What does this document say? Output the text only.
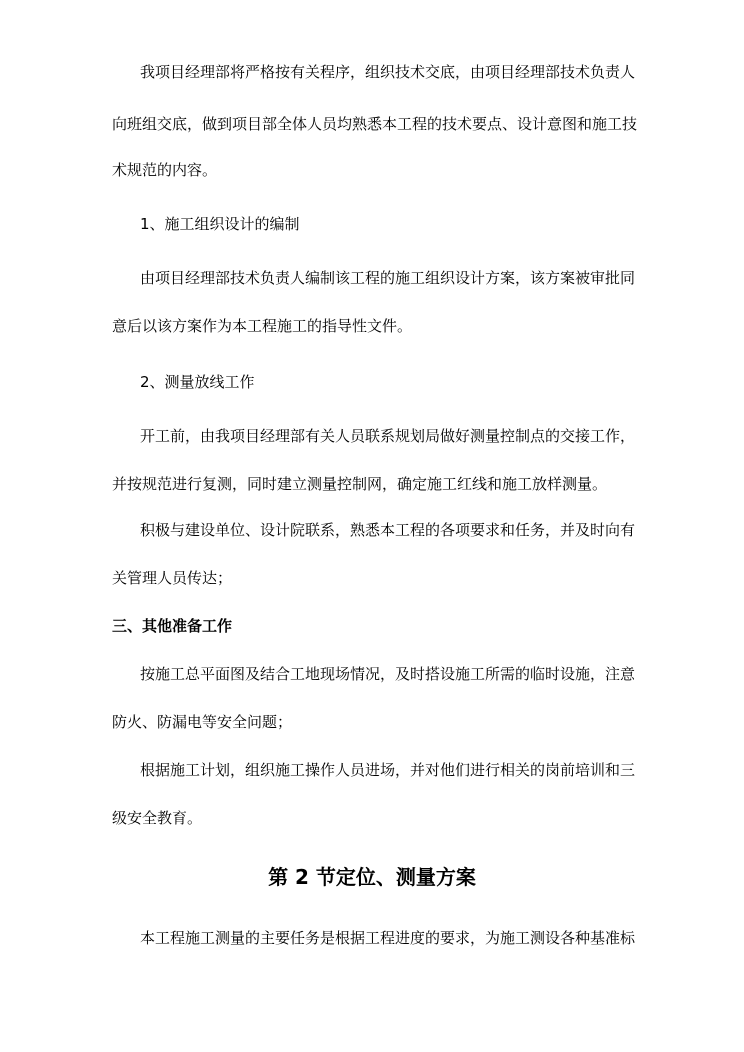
我项目经理部将严格按有关程序，组织技术交底，由项目经理部技术负责人
向班组交底，做到项目部全体人员均熟悉本工程的技术要点、设计意图和施工技
术规范的内容。
1、施工组织设计的编制
由项目经理部技术负责人编制该工程的施工组织设计方案，该方案被审批同
意后以该方案作为本工程施工的指导性文件。
2、测量放线工作
开工前，由我项目经理部有关人员联系规划局做好测量控制点的交接工作，
并按规范进行复测，同时建立测量控制网，确定施工红线和施工放样测量。
积极与建设单位、设计院联系，熟悉本工程的各项要求和任务，并及时向有
关管理人员传达；
三、其他准备工作
按施工总平面图及结合工地现场情况，及时搭设施工所需的临时设施，注意
防火、防漏电等安全问题；
根据施工计划，组织施工操作人员进场，并对他们进行相关的岗前培训和三
级安全教育。
第 2 节定位、测量方案
本工程施工测量的主要任务是根据工程进度的要求，为施工测设各种基准标
